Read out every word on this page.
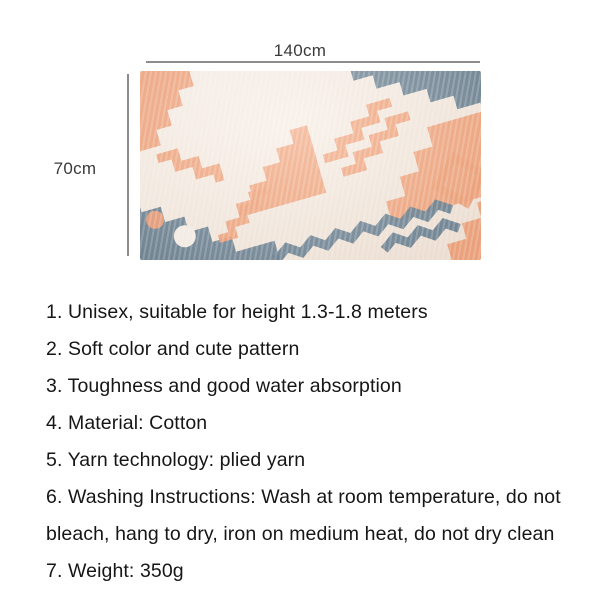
140cm
70cm

1. Unisex, suitable for height 1.3-1.8 meters

2. Soft color and cute pattern

3. Toughness and good water absorption

4. Material: Cotton

5. Yarn technology: plied yarn

6. Washing Instructions: Wash at room temperature, do not

bleach, hang to dry, iron on medium heat, do not dry clean

7. Weight: 350g
